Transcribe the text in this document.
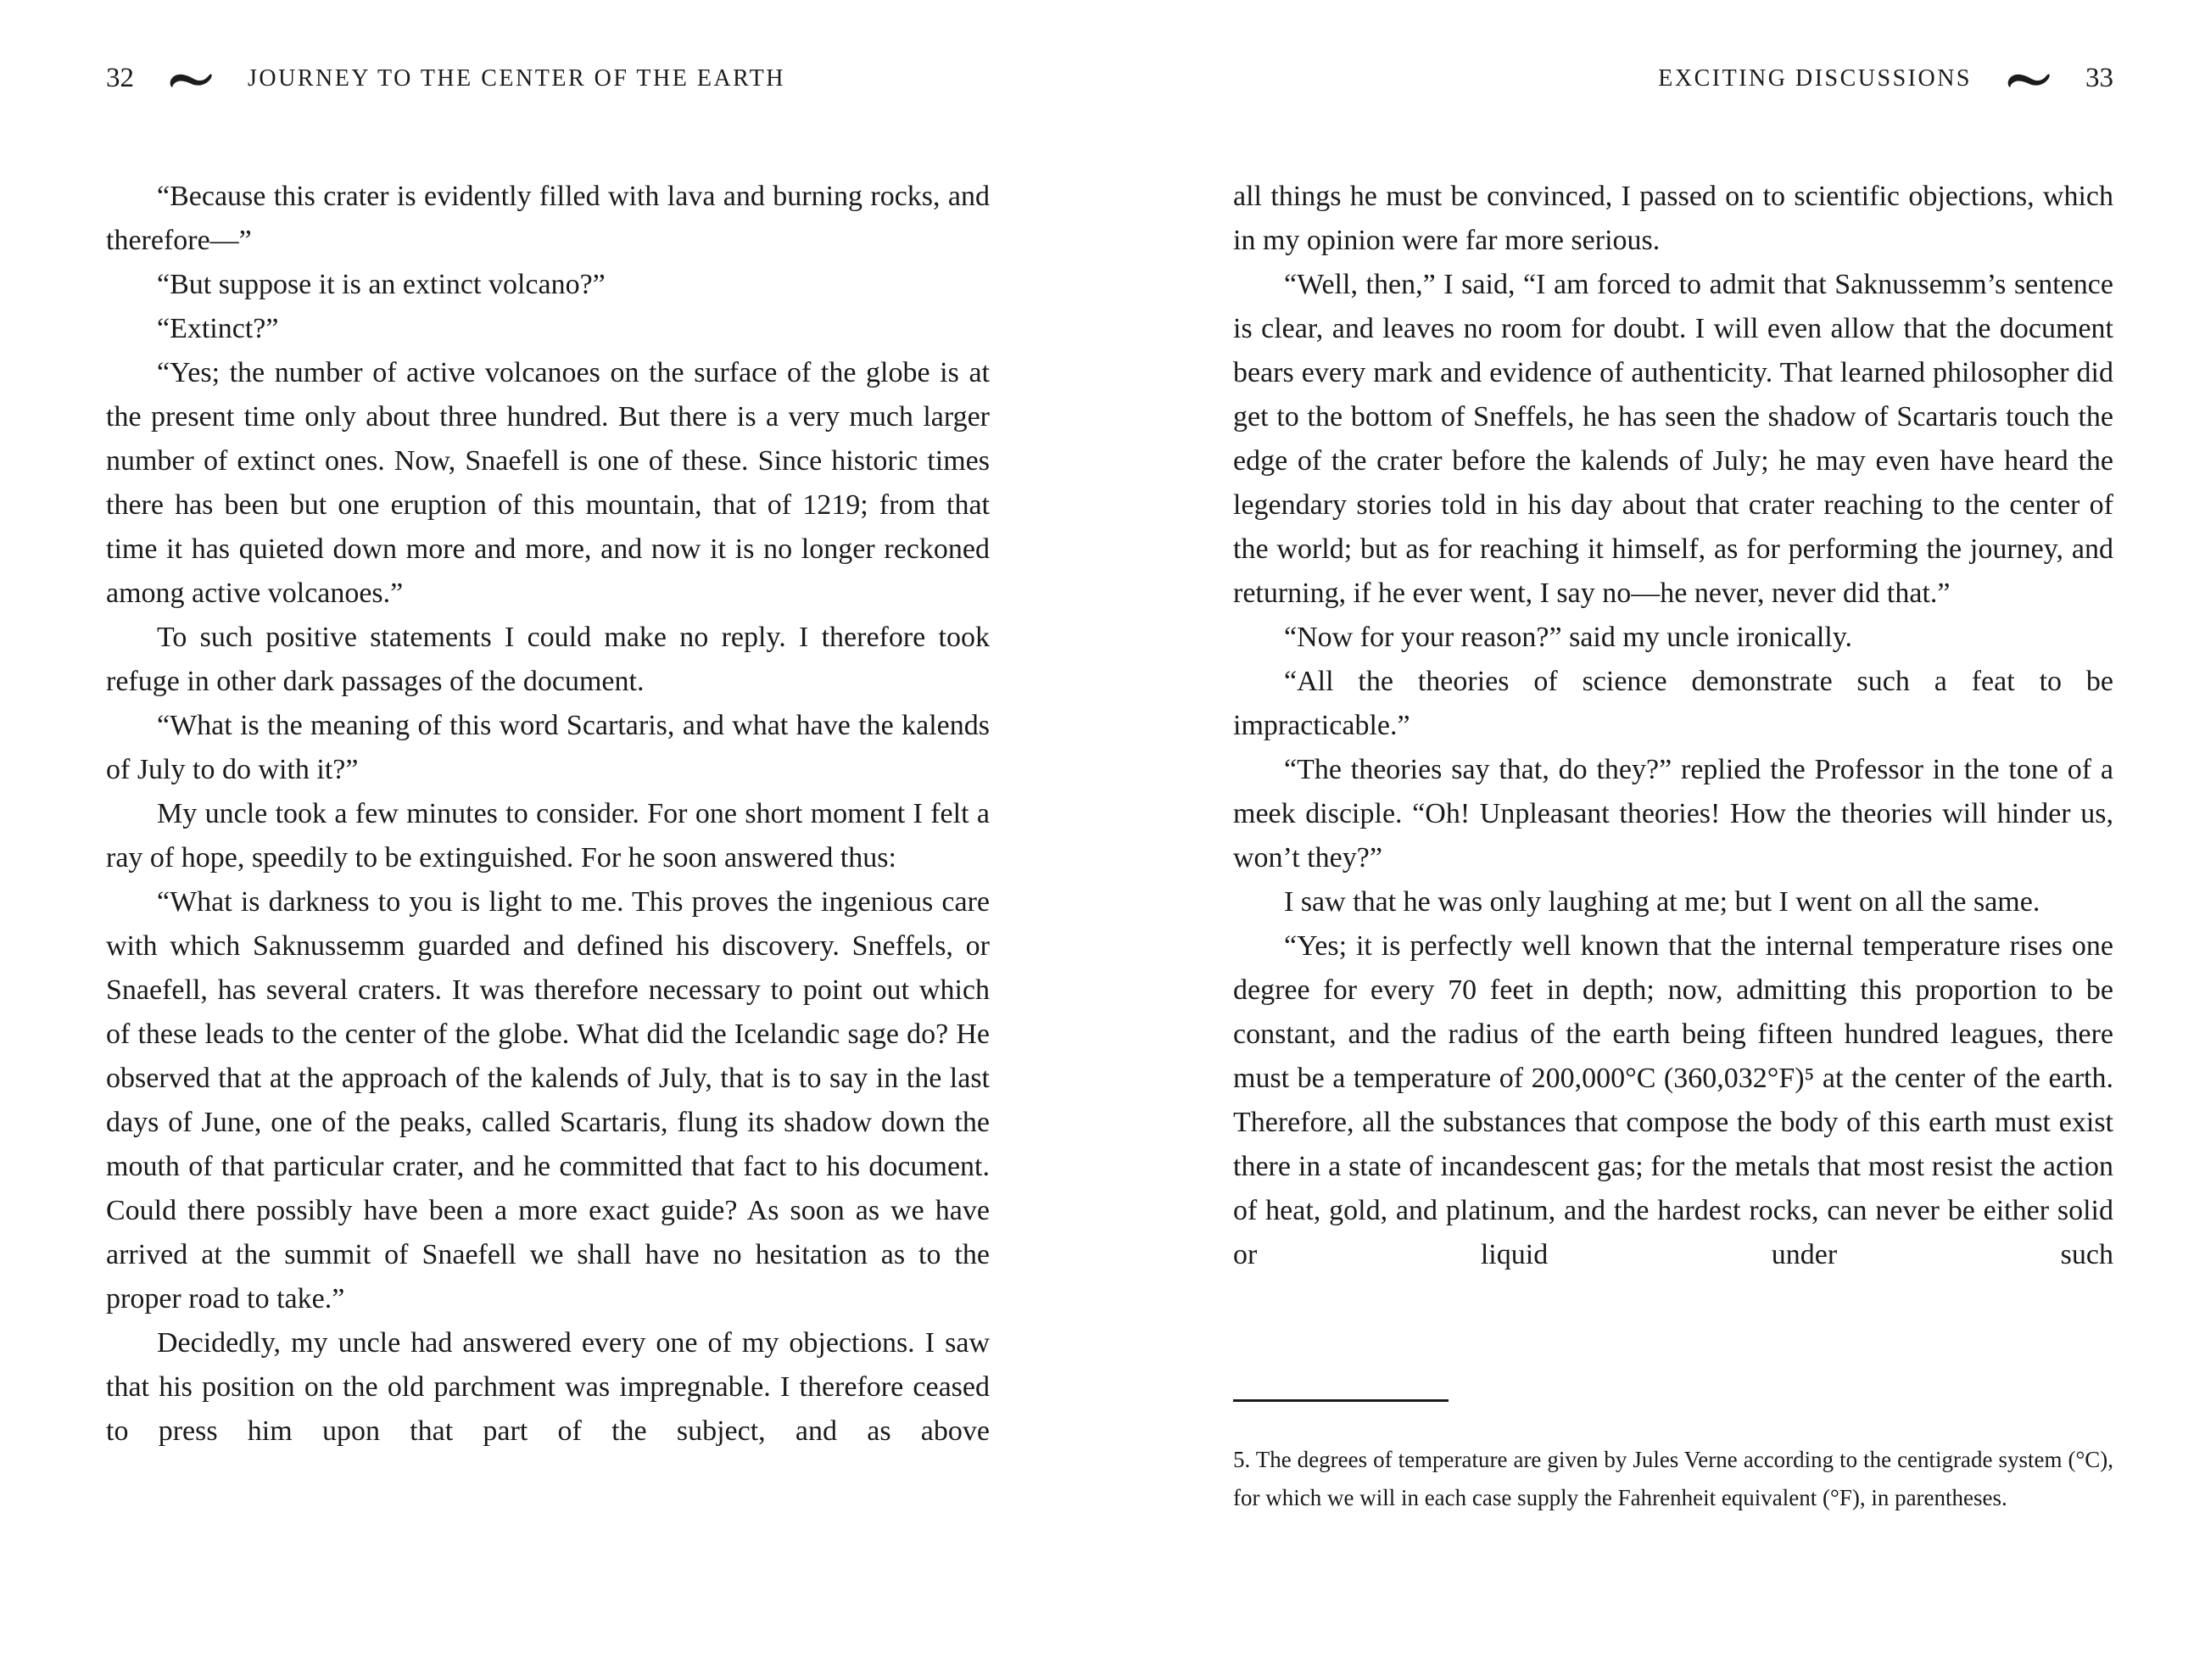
32	JOURNEY TO THE CENTER OF THE EARTH

“Because this crater is evidently filled with lava and burning rocks, and therefore—”

“But suppose it is an extinct volcano?”

“Extinct?”

“Yes; the number of active volcanoes on the surface of the globe is at the present time only about three hundred. But there is a very much larger number of extinct ones. Now, Snaefell is one of these. Since historic times there has been but one eruption of this mountain, that of 1219; from that time it has quieted down more and more, and now it is no longer reckoned among active volcanoes.”

To such positive statements I could make no reply. I therefore took refuge in other dark passages of the document.

“What is the meaning of this word Scartaris, and what have the kalends of July to do with it?”

My uncle took a few minutes to consider. For one short moment I felt a ray of hope, speedily to be extinguished. For he soon answered thus:

“What is darkness to you is light to me. This proves the ingenious care with which Saknussemm guarded and defined his discovery. Sneffels, or Snaefell, has several craters. It was therefore necessary to point out which of these leads to the center of the globe. What did the Icelandic sage do? He observed that at the approach of the kalends of July, that is to say in the last days of June, one of the peaks, called Scartaris, flung its shadow down the mouth of that particular crater, and he committed that fact to his document. Could there possibly have been a more exact guide? As soon as we have arrived at the summit of Snaefell we shall have no hesitation as to the proper road to take.”

Decidedly, my uncle had answered every one of my objections. I saw that his position on the old parchment was impregnable. I therefore ceased to press him upon that part of the subject, and as above

EXCITING DISCUSSIONS	33

all things he must be convinced, I passed on to scientific objections, which in my opinion were far more serious.

“Well, then,” I said, “I am forced to admit that Saknussemm’s sentence is clear, and leaves no room for doubt. I will even allow that the document bears every mark and evidence of authenticity. That learned philosopher did get to the bottom of Sneffels, he has seen the shadow of Scartaris touch the edge of the crater before the kalends of July; he may even have heard the legendary stories told in his day about that crater reaching to the center of the world; but as for reaching it himself, as for performing the journey, and returning, if he ever went, I say no—he never, never did that.”

“Now for your reason?” said my uncle ironically.

“All the theories of science demonstrate such a feat to be impracticable.”

“The theories say that, do they?” replied the Professor in the tone of a meek disciple. “Oh! Unpleasant theories! How the theories will hinder us, won’t they?”

I saw that he was only laughing at me; but I went on all the same.

“Yes; it is perfectly well known that the internal temperature rises one degree for every 70 feet in depth; now, admitting this proportion to be constant, and the radius of the earth being fifteen hundred leagues, there must be a temperature of 200,000°C (360,032°F)⁵ at the center of the earth. Therefore, all the substances that compose the body of this earth must exist there in a state of incandescent gas; for the metals that most resist the action of heat, gold, and platinum, and the hardest rocks, can never be either solid or liquid under such

5. The degrees of temperature are given by Jules Verne according to the centigrade system (°C), for which we will in each case supply the Fahrenheit equivalent (°F), in parentheses.
